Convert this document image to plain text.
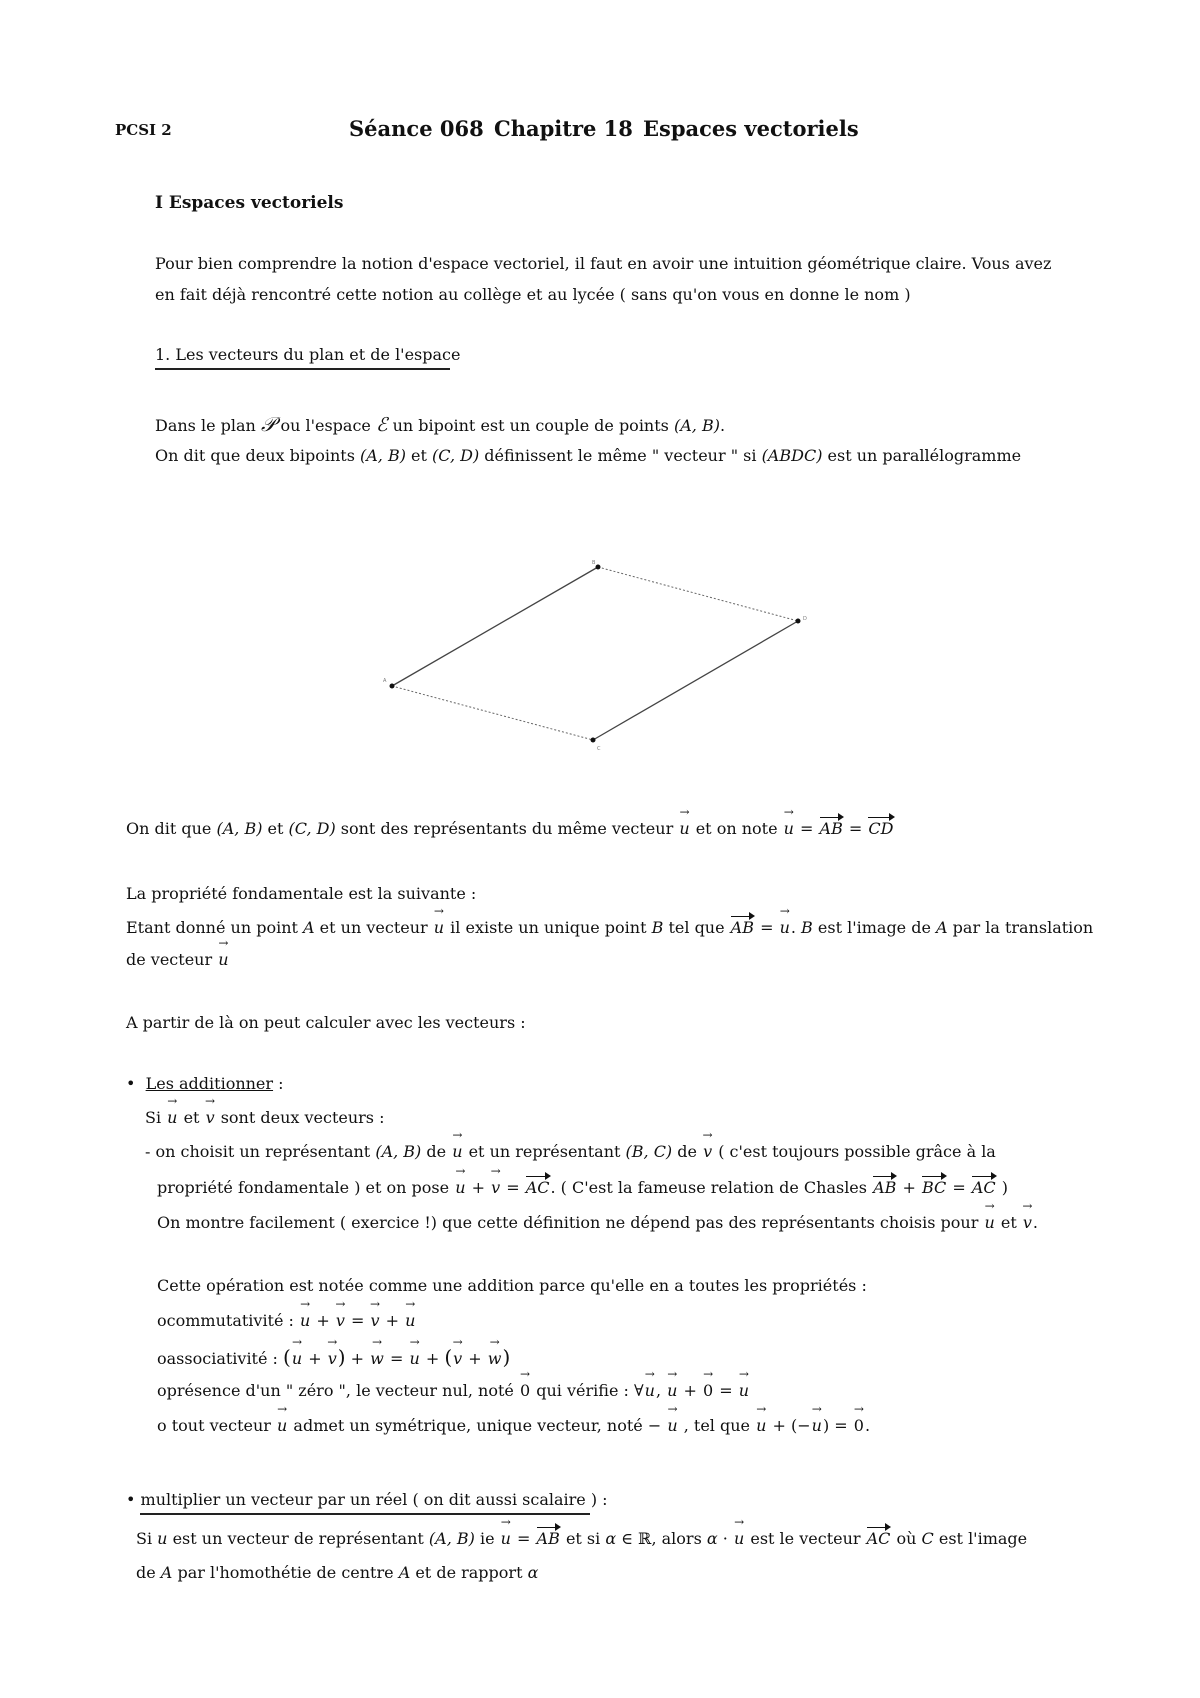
PCSI 2	Séance 068 Chapitre 18 Espaces vectoriels
I Espaces vectoriels
Pour bien comprendre la notion d'espace vectoriel, il faut en avoir une intuition géométrique claire. Vous avez
en fait déjà rencontré cette notion au collège et au lycée ( sans qu'on vous en donne le nom )
1. Les vecteurs du plan et de l'espace
Dans le plan 𝒫 ou l'espace ℰ un bipoint est un couple de points (A, B).
On dit que deux bipoints (A, B) et (C, D) définissent le même " vecteur " si (ABDC) est un parallélogramme
A
B
C
D
On dit que (A, B) et (C, D) sont des représentants du même vecteur → u et on note → u = AB = CD
La propriété fondamentale est la suivante :
Etant donné un point A et un vecteur → u il existe un unique point B tel que AB = → u. B est l'image de A par la translation
de vecteur → u
A partir de là on peut calculer avec les vecteurs :
• Les additionner :
Si → u et → v sont deux vecteurs :
- on choisit un représentant (A, B) de → u et un représentant (B, C) de → v ( c'est toujours possible grâce à la
propriété fondamentale ) et on pose → u + → v = AC. ( C'est la fameuse relation de Chasles AB + BC = AC )
On montre facilement ( exercice !) que cette définition ne dépend pas des représentants choisis pour → u et → v.
Cette opération est notée comme une addition parce qu'elle en a toutes les propriétés :
ocommutativité : → u + → v = → v + → u
oassociativité : (→ u + → v) + → w = → u + (→ v + → w)
oprésence d'un " zéro ", le vecteur nul, noté → 0 qui vérifie : ∀→ u, → u + → 0 = → u
o tout vecteur → u admet un symétrique, unique vecteur, noté − → u , tel que → u + (−→ u) = → 0.
• multiplier un vecteur par un réel ( on dit aussi scalaire ) :
Si u est un vecteur de représentant (A, B) ie → u = AB et si α ∈ ℝ, alors α · → u est le vecteur AC où C est l'image
de A par l'homothétie de centre A et de rapport α
